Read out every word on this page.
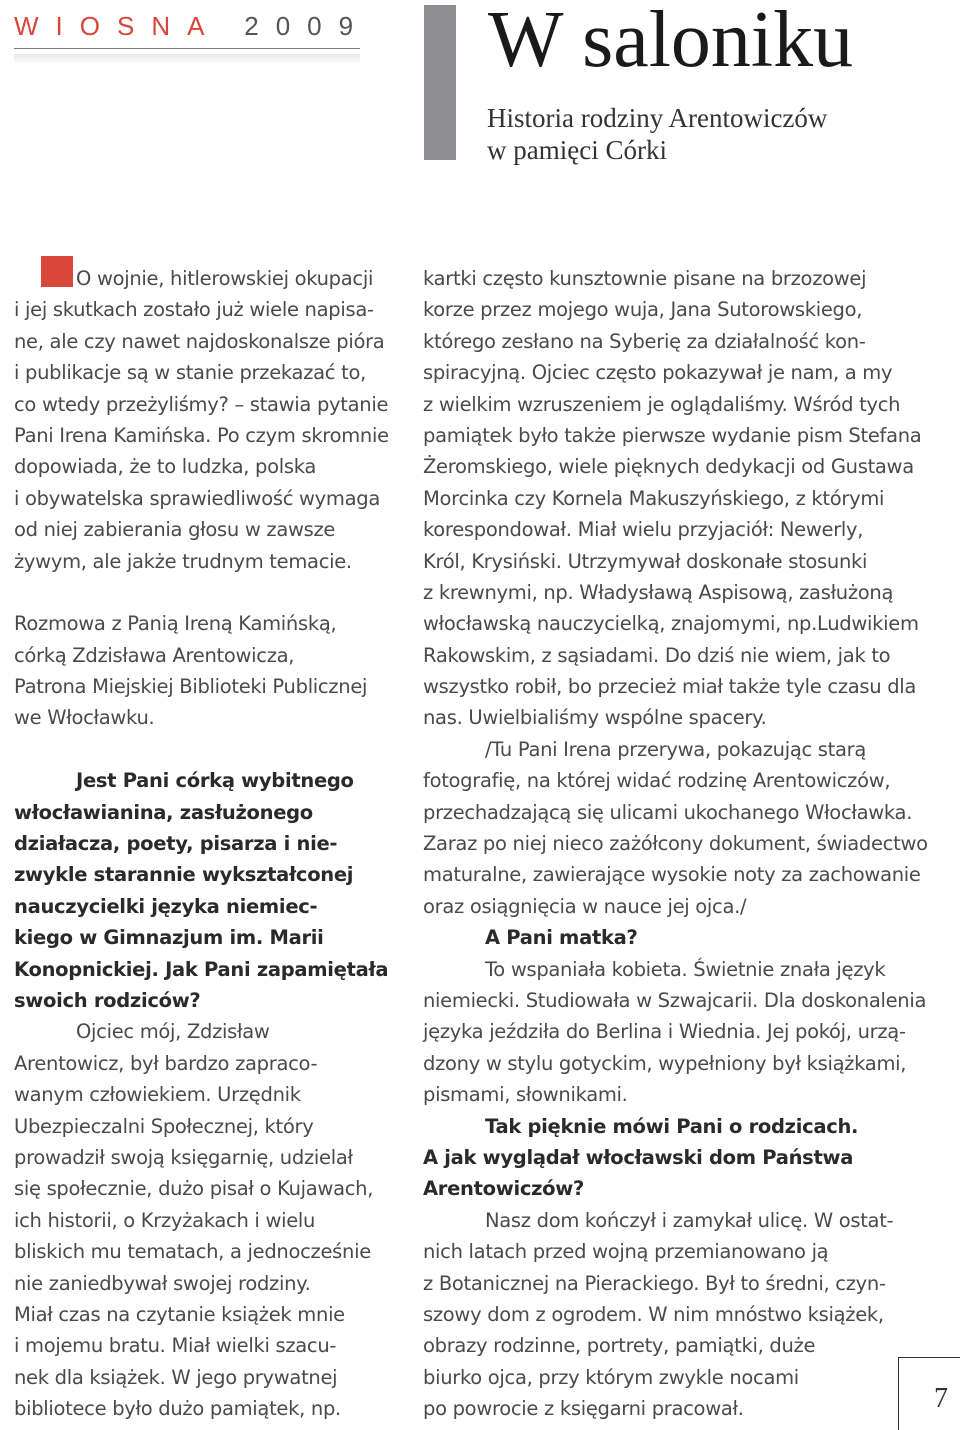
WIOSNA 2009 W saloniku
Historia rodziny Arentowiczów
w pamięci Córki
O wojnie, hitlerowskiej okupacji
i jej skutkach zostało już wiele napisa-
ne, ale czy nawet najdoskonalsze pióra
i publikacje są w stanie przekazać to,
co wtedy przeżyliśmy? – stawia pytanie
Pani Irena Kamińska. Po czym skromnie
dopowiada, że to ludzka, polska
i obywatelska sprawiedliwość wymaga
od niej zabierania głosu w zawsze
żywym, ale jakże trudnym temacie.
Rozmowa z Panią Ireną Kamińską,
córką Zdzisława Arentowicza,
Patrona Miejskiej Biblioteki Publicznej
we Włocławku.
Jest Pani córką wybitnego
włocławianina, zasłużonego
działacza, poety, pisarza i nie-
zwykle starannie wykształconej
nauczycielki języka niemiec-
kiego w Gimnazjum im. Marii
Konopnickiej. Jak Pani zapamiętała
swoich rodziców?
Ojciec mój, Zdzisław
Arentowicz, był bardzo zapraco-
wanym człowiekiem. Urzędnik
Ubezpieczalni Społecznej, który
prowadził swoją księgarnię, udzielał
się społecznie, dużo pisał o Kujawach,
ich historii, o Krzyżakach i wielu
bliskich mu tematach, a jednocześnie
nie zaniedbywał swojej rodziny.
Miał czas na czytanie książek mnie
i mojemu bratu. Miał wielki szacu-
nek dla książek. W jego prywatnej
bibliotece było dużo pamiątek, np.
kartki często kunsztownie pisane na brzozowej
korze przez mojego wuja, Jana Sutorowskiego,
którego zesłano na Syberię za działalność kon-
spiracyjną. Ojciec często pokazywał je nam, a my
z wielkim wzruszeniem je oglądaliśmy. Wśród tych
pamiątek było także pierwsze wydanie pism Stefana
Żeromskiego, wiele pięknych dedykacji od Gustawa
Morcinka czy Kornela Makuszyńskiego, z którymi
korespondował. Miał wielu przyjaciół: Newerly,
Król, Krysiński. Utrzymywał doskonałe stosunki
z krewnymi, np. Władysławą Aspisową, zasłużoną
włocławską nauczycielką, znajomymi, np.Ludwikiem
Rakowskim, z sąsiadami. Do dziś nie wiem, jak to
wszystko robił, bo przecież miał także tyle czasu dla
nas. Uwielbialiśmy wspólne spacery.
/Tu Pani Irena przerywa, pokazując starą
fotografię, na której widać rodzinę Arentowiczów,
przechadzającą się ulicami ukochanego Włocławka.
Zaraz po niej nieco zażółcony dokument, świadectwo
maturalne, zawierające wysokie noty za zachowanie
oraz osiągnięcia w nauce jej ojca./
A Pani matka?
To wspaniała kobieta. Świetnie znała język
niemiecki. Studiowała w Szwajcarii. Dla doskonalenia
języka jeździła do Berlina i Wiednia. Jej pokój, urzą-
dzony w stylu gotyckim, wypełniony był książkami,
pismami, słownikami.
Tak pięknie mówi Pani o rodzicach.
A jak wyglądał włocławski dom Państwa
Arentowiczów?
Nasz dom kończył i zamykał ulicę. W ostat-
nich latach przed wojną przemianowano ją
z Botanicznej na Pierackiego. Był to średni, czyn-
szowy dom z ogrodem. W nim mnóstwo książek,
obrazy rodzinne, portrety, pamiątki, duże
biurko ojca, przy którym zwykle nocami
po powrocie z księgarni pracował.	7
